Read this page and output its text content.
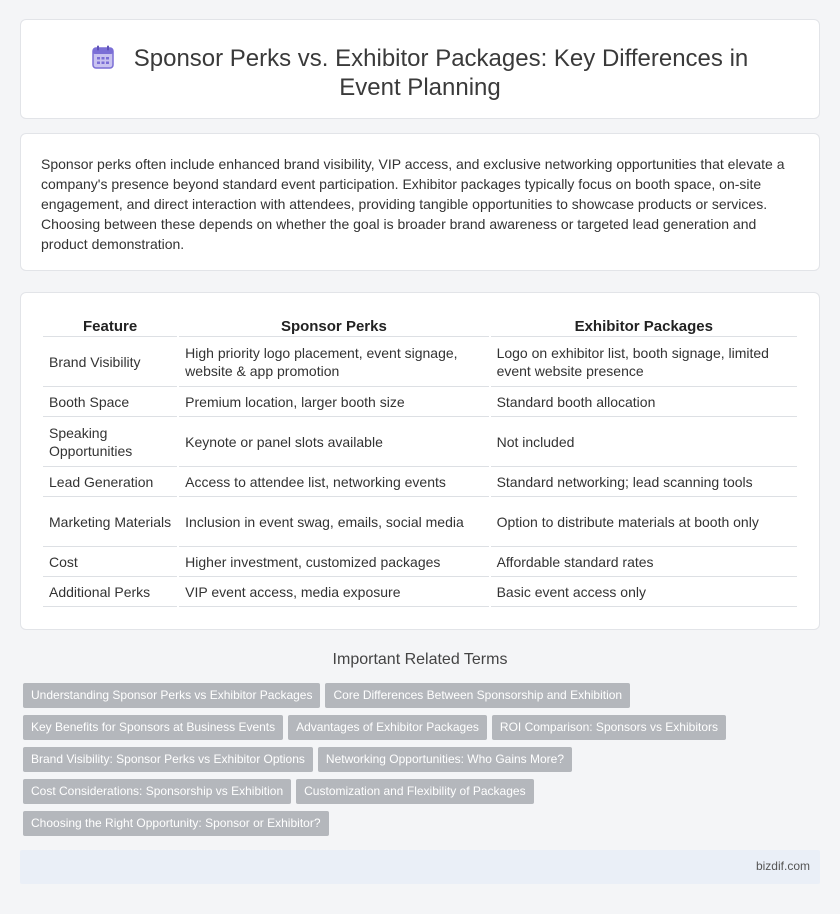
Sponsor Perks vs. Exhibitor Packages: Key Differences in Event Planning

Sponsor perks often include enhanced brand visibility, VIP access, and exclusive networking opportunities that elevate a company's presence beyond standard event participation. Exhibitor packages typically focus on booth space, on-site engagement, and direct interaction with attendees, providing tangible opportunities to showcase products or services. Choosing between these depends on whether the goal is broader brand awareness or targeted lead generation and product demonstration.

Feature	Sponsor Perks	Exhibitor Packages
Brand Visibility	High priority logo placement, event signage, website & app promotion	Logo on exhibitor list, booth signage, limited event website presence
Booth Space	Premium location, larger booth size	Standard booth allocation
Speaking Opportunities	Keynote or panel slots available	Not included
Lead Generation	Access to attendee list, networking events	Standard networking; lead scanning tools
Marketing Materials	Inclusion in event swag, emails, social media	Option to distribute materials at booth only
Cost	Higher investment, customized packages	Affordable standard rates
Additional Perks	VIP event access, media exposure	Basic event access only
Important Related Terms
Understanding Sponsor Perks vs Exhibitor Packages Core Differences Between Sponsorship and Exhibition
Key Benefits for Sponsors at Business Events Advantages of Exhibitor Packages ROI Comparison: Sponsors vs Exhibitors
Brand Visibility: Sponsor Perks vs Exhibitor Options Networking Opportunities: Who Gains More?
Cost Considerations: Sponsorship vs Exhibition Customization and Flexibility of Packages
Choosing the Right Opportunity: Sponsor or Exhibitor?
bizdif.com
